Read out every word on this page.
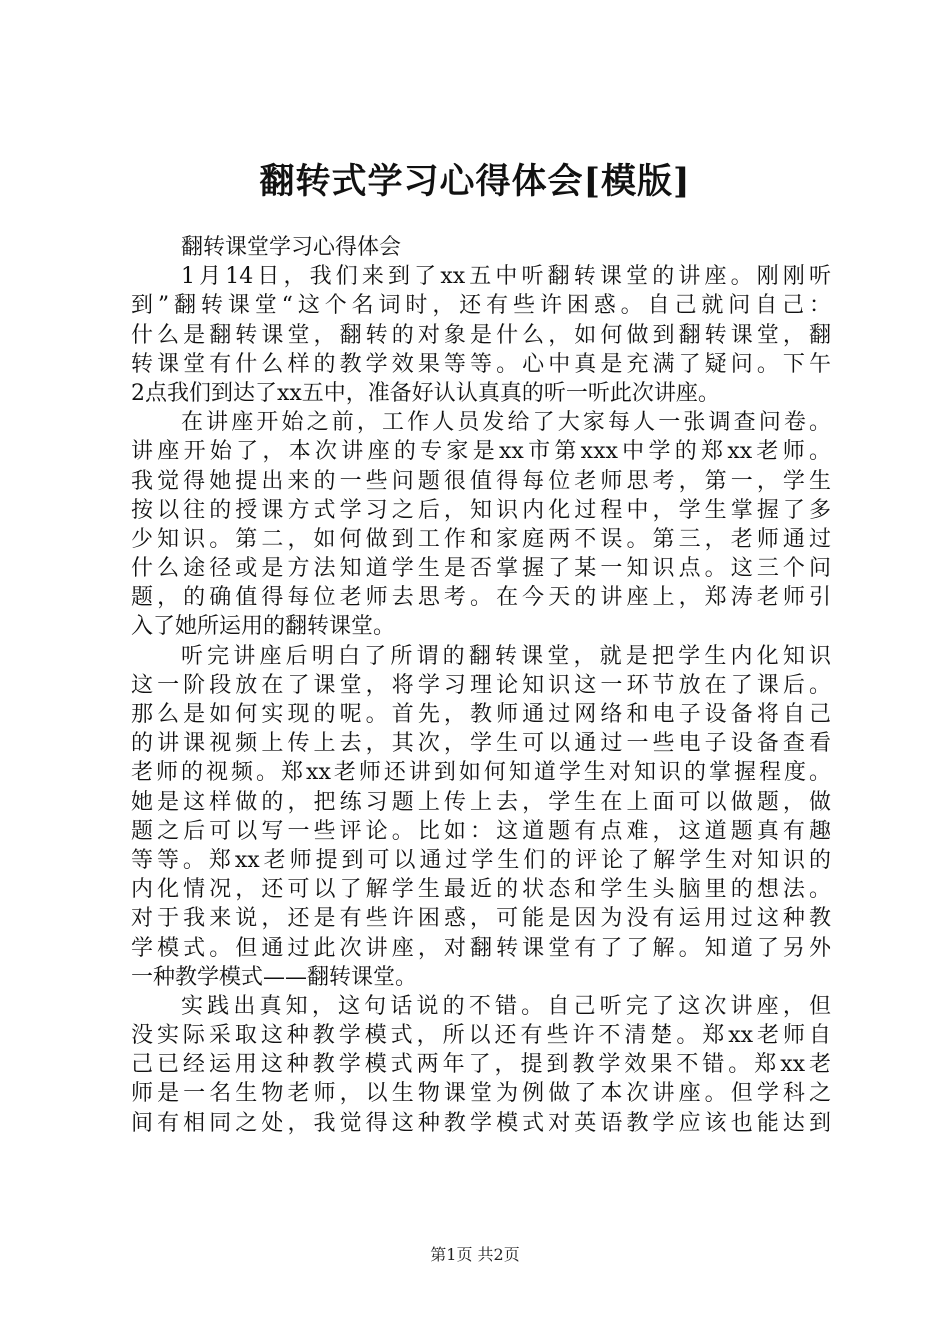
翻转式学习心得体会[模版]
翻转课堂学习心得体会
1月14日，我们来到了xx五中听翻转课堂的讲座。刚刚听
到”翻转课堂“这个名词时，还有些许困惑。自己就问自己：
什么是翻转课堂，翻转的对象是什么，如何做到翻转课堂，翻
转课堂有什么样的教学效果等等。心中真是充满了疑问。下午
2点我们到达了xx五中，准备好认认真真的听一听此次讲座。
在讲座开始之前，工作人员发给了大家每人一张调查问卷。
讲座开始了，本次讲座的专家是xx市第xxx中学的郑xx老师。
我觉得她提出来的一些问题很值得每位老师思考，第一，学生
按以往的授课方式学习之后，知识内化过程中，学生掌握了多
少知识。第二，如何做到工作和家庭两不误。第三，老师通过
什么途径或是方法知道学生是否掌握了某一知识点。这三个问
题，的确值得每位老师去思考。在今天的讲座上，郑涛老师引
入了她所运用的翻转课堂。
听完讲座后明白了所谓的翻转课堂，就是把学生内化知识
这一阶段放在了课堂，将学习理论知识这一环节放在了课后。
那么是如何实现的呢。首先，教师通过网络和电子设备将自己
的讲课视频上传上去，其次，学生可以通过一些电子设备查看
老师的视频。郑xx老师还讲到如何知道学生对知识的掌握程度。
她是这样做的，把练习题上传上去，学生在上面可以做题，做
题之后可以写一些评论。比如：这道题有点难，这道题真有趣
等等。郑xx老师提到可以通过学生们的评论了解学生对知识的
内化情况，还可以了解学生最近的状态和学生头脑里的想法。
对于我来说，还是有些许困惑，可能是因为没有运用过这种教
学模式。但通过此次讲座，对翻转课堂有了了解。知道了另外
一种教学模式——翻转课堂。
实践出真知，这句话说的不错。自己听完了这次讲座，但
没实际采取这种教学模式，所以还有些许不清楚。郑xx老师自
己已经运用这种教学模式两年了，提到教学效果不错。郑xx老
师是一名生物老师，以生物课堂为例做了本次讲座。但学科之
间有相同之处，我觉得这种教学模式对英语教学应该也能达到
第1页 共2页
